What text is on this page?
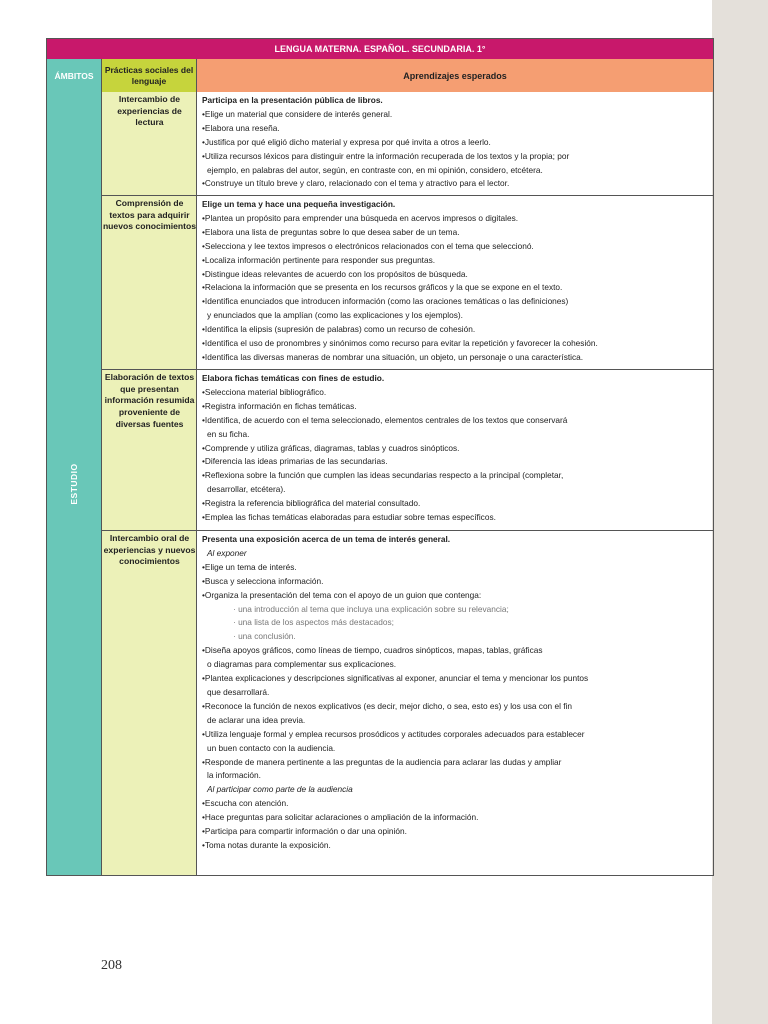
LENGUA MATERNA. ESPAÑOL. SECUNDARIA. 1°
ÁMBITOS
Prácticas sociales del lenguaje	Aprendizajes esperados
ESTUDIO
Intercambio de experiencias de lectura
Participa en la presentación pública de libros.
•Elige un material que considere de interés general.
•Elabora una reseña.
•Justifica por qué eligió dicho material y expresa por qué invita a otros a leerlo.
•Utiliza recursos léxicos para distinguir entre la información recuperada de los textos y la propia; por
ejemplo, en palabras del autor, según, en contraste con, en mi opinión, considero, etcétera.
•Construye un título breve y claro, relacionado con el tema y atractivo para el lector.
Comprensión de textos para adquirir nuevos conocimientos
Elige un tema y hace una pequeña investigación.
•Plantea un propósito para emprender una búsqueda en acervos impresos o digitales.
•Elabora una lista de preguntas sobre lo que desea saber de un tema.
•Selecciona y lee textos impresos o electrónicos relacionados con el tema que seleccionó.
•Localiza información pertinente para responder sus preguntas.
•Distingue ideas relevantes de acuerdo con los propósitos de búsqueda.
•Relaciona la información que se presenta en los recursos gráficos y la que se expone en el texto.
•Identifica enunciados que introducen información (como las oraciones temáticas o las definiciones)
y enunciados que la amplían (como las explicaciones y los ejemplos).
•Identifica la elipsis (supresión de palabras) como un recurso de cohesión.
•Identifica el uso de pronombres y sinónimos como recurso para evitar la repetición y favorecer la cohesión.
•Identifica las diversas maneras de nombrar una situación, un objeto, un personaje o una característica.
Elaboración de textos que presentan información resumida proveniente de diversas fuentes
Elabora fichas temáticas con fines de estudio.
•Selecciona material bibliográfico.
•Registra información en fichas temáticas.
•Identifica, de acuerdo con el tema seleccionado, elementos centrales de los textos que conservará
en su ficha.
•Comprende y utiliza gráficas, diagramas, tablas y cuadros sinópticos.
•Diferencia las ideas primarias de las secundarias.
•Reflexiona sobre la función que cumplen las ideas secundarias respecto a la principal (completar,
desarrollar, etcétera).
•Registra la referencia bibliográfica del material consultado.
•Emplea las fichas temáticas elaboradas para estudiar sobre temas específicos.
Intercambio oral de experiencias y nuevos conocimientos
Presenta una exposición acerca de un tema de interés general.
Al exponer
•Elige un tema de interés.
•Busca y selecciona información.
•Organiza la presentación del tema con el apoyo de un guion que contenga:
· una introducción al tema que incluya una explicación sobre su relevancia;
· una lista de los aspectos más destacados;
· una conclusión.
•Diseña apoyos gráficos, como líneas de tiempo, cuadros sinópticos, mapas, tablas, gráficas
o diagramas para complementar sus explicaciones.
•Plantea explicaciones y descripciones significativas al exponer, anunciar el tema y mencionar los puntos
que desarrollará.
•Reconoce la función de nexos explicativos (es decir, mejor dicho, o sea, esto es) y los usa con el fin
de aclarar una idea previa.
•Utiliza lenguaje formal y emplea recursos prosódicos y actitudes corporales adecuados para establecer
un buen contacto con la audiencia.
•Responde de manera pertinente a las preguntas de la audiencia para aclarar las dudas y ampliar
la información.
Al participar como parte de la audiencia
•Escucha con atención.
•Hace preguntas para solicitar aclaraciones o ampliación de la información.
•Participa para compartir información o dar una opinión.
•Toma notas durante la exposición.
208
